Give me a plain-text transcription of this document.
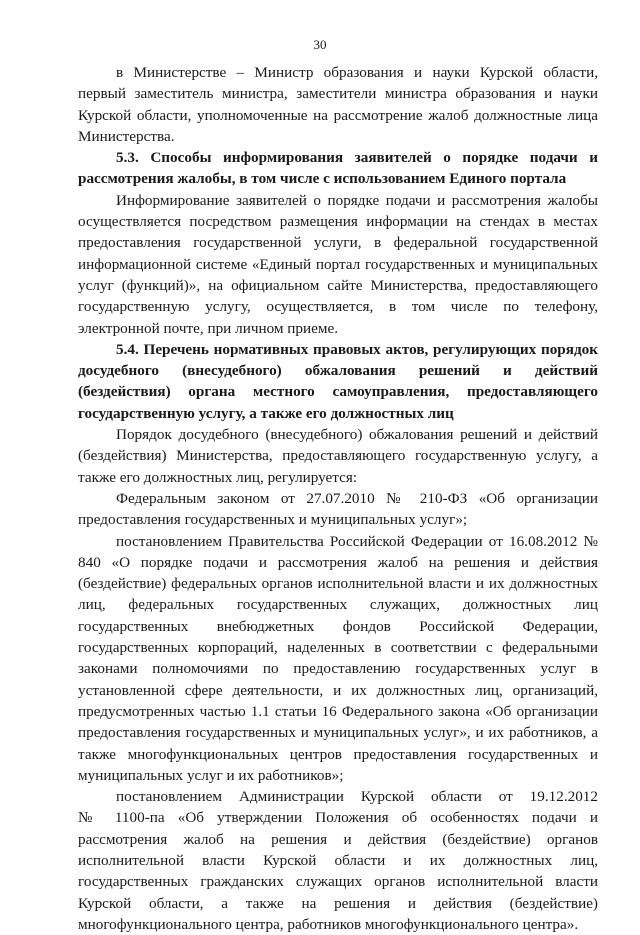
30
в Министерстве – Министр образования и науки Курской области,
первый заместитель министра, заместители министра образования и науки
Курской области, уполномоченные на рассмотрение жалоб должностные лица
Министерства.
5.3. Способы информирования заявителей о порядке подачи и
рассмотрения жалобы, в том числе с использованием Единого портала
Информирование заявителей о порядке подачи и рассмотрения жалобы
осуществляется посредством размещения информации на стендах в местах
предоставления государственной услуги, в федеральной государственной
информационной системе «Единый портал государственных и муниципальных
услуг (функций)», на официальном сайте Министерства, предоставляющего
государственную услугу, осуществляется, в том числе по телефону,
электронной почте, при личном приеме.
5.4. Перечень нормативных правовых актов, регулирующих порядок
досудебного (внесудебного) обжалования решений и действий
(бездействия) органа местного самоуправления, предоставляющего
государственную услугу, а также его должностных лиц
Порядок досудебного (внесудебного) обжалования решений и действий
(бездействия) Министерства, предоставляющего государственную услугу, а
также его должностных лиц, регулируется:
Федеральным законом от 27.07.2010 № 210-ФЗ «Об организации
предоставления государственных и муниципальных услуг»;
постановлением Правительства Российской Федерации от 16.08.2012 №
840 «О порядке подачи и рассмотрения жалоб на решения и действия
(бездействие) федеральных органов исполнительной власти и их должностных
лиц, федеральных государственных служащих, должностных лиц
государственных внебюджетных фондов Российской Федерации,
государственных корпораций, наделенных в соответствии с федеральными
законами полномочиями по предоставлению государственных услуг в
установленной сфере деятельности, и их должностных лиц, организаций,
предусмотренных частью 1.1 статьи 16 Федерального закона «Об организации
предоставления государственных и муниципальных услуг», и их работников, а
также многофункциональных центров предоставления государственных и
муниципальных услуг и их работников»;
постановлением Администрации Курской области от 19.12.2012
№ 1100-па «Об утверждении Положения об особенностях подачи и
рассмотрения жалоб на решения и действия (бездействие) органов
исполнительной власти Курской области и их должностных лиц,
государственных гражданских служащих органов исполнительной власти
Курской области, а также на решения и действия (бездействие)
многофункционального центра, работников многофункционального центра».
